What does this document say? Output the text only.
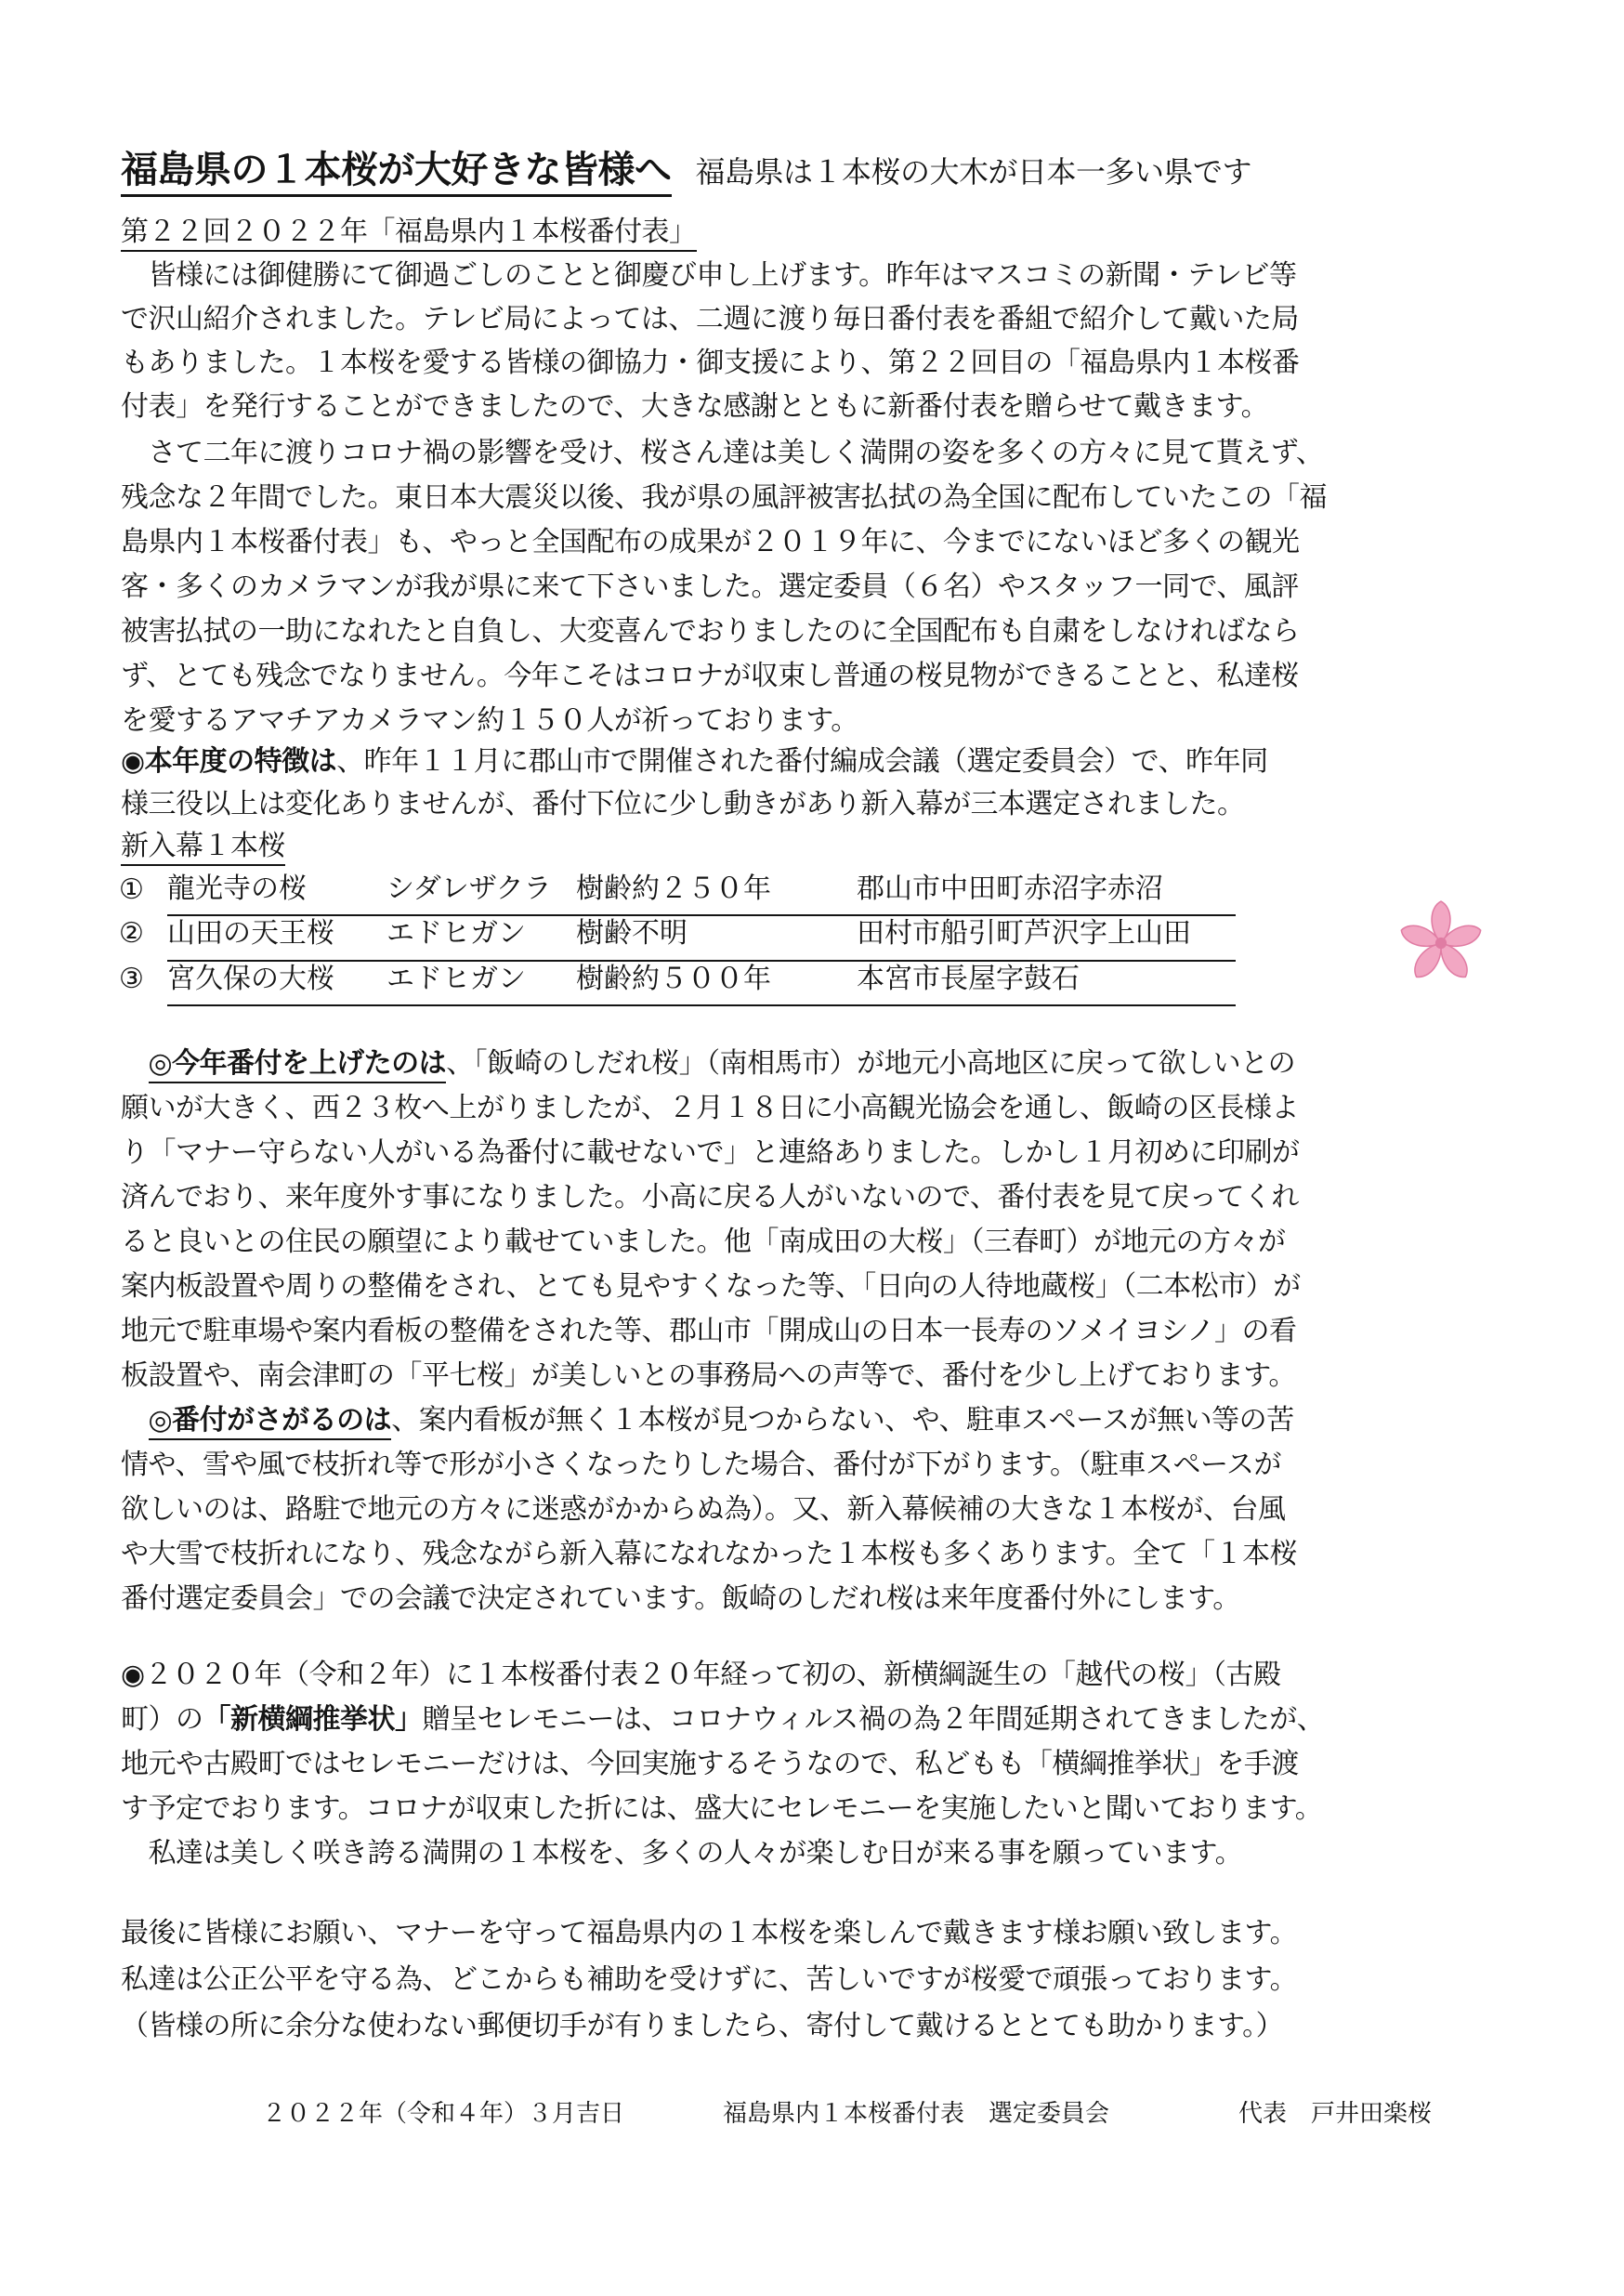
福島県の１本桜が大好きな皆様へ 福島県は１本桜の大木が日本一多い県です
第２２回２０２２年「福島県内１本桜番付表」
　皆様には御健勝にて御過ごしのことと御慶び申し上げます。昨年はマスコミの新聞・テレビ等
で沢山紹介されました。テレビ局によっては、二週に渡り毎日番付表を番組で紹介して戴いた局
もありました。１本桜を愛する皆様の御協力・御支援により、第２２回目の「福島県内１本桜番
付表」を発行することができましたので、大きな感謝とともに新番付表を贈らせて戴きます。
　さて二年に渡りコロナ禍の影響を受け、桜さん達は美しく満開の姿を多くの方々に見て貰えず、
残念な２年間でした。東日本大震災以後、我が県の風評被害払拭の為全国に配布していたこの「福
島県内１本桜番付表」も、やっと全国配布の成果が２０１９年に、今までにないほど多くの観光
客・多くのカメラマンが我が県に来て下さいました。選定委員（６名）やスタッフ一同で、風評
被害払拭の一助になれたと自負し、大変喜んでおりましたのに全国配布も自粛をしなければなら
ず、とても残念でなりません。今年こそはコロナが収束し普通の桜見物ができることと、私達桜
を愛するアマチアカメラマン約１５０人が祈っております。
◉本年度の特徴は、昨年１１月に郡山市で開催された番付編成会議（選定委員会）で、昨年同
様三役以上は変化ありませんが、番付下位に少し動きがあり新入幕が三本選定されました。
新入幕１本桜
①	龍光寺の桜	シダレザクラ	樹齢約２５０年	郡山市中田町赤沼字赤沼
②	山田の天王桜	エドヒガン	樹齢不明	田村市船引町芦沢字上山田
③	宮久保の大桜	エドヒガン	樹齢約５００年	本宮市長屋字鼓石
　◎今年番付を上げたのは、「飯崎のしだれ桜」（南相馬市）が地元小高地区に戻って欲しいとの
願いが大きく、西２３枚へ上がりましたが、２月１８日に小高観光協会を通し、飯崎の区長様よ
り「マナー守らない人がいる為番付に載せないで」と連絡ありました。しかし１月初めに印刷が
済んでおり、来年度外す事になりました。小高に戻る人がいないので、番付表を見て戻ってくれ
ると良いとの住民の願望により載せていました。他「南成田の大桜」（三春町）が地元の方々が
案内板設置や周りの整備をされ、とても見やすくなった等、「日向の人待地蔵桜」（二本松市）が
地元で駐車場や案内看板の整備をされた等、郡山市「開成山の日本一長寿のソメイヨシノ」の看
板設置や、南会津町の「平七桜」が美しいとの事務局への声等で、番付を少し上げております。
　◎番付がさがるのは、案内看板が無く１本桜が見つからない、や、駐車スペースが無い等の苦
情や、雪や風で枝折れ等で形が小さくなったりした場合、番付が下がります。（駐車スペースが
欲しいのは、路駐で地元の方々に迷惑がかからぬ為）。又、新入幕候補の大きな１本桜が、台風
や大雪で枝折れになり、残念ながら新入幕になれなかった１本桜も多くあります。全て「１本桜
番付選定委員会」での会議で決定されています。飯崎のしだれ桜は来年度番付外にします。
◉２０２０年（令和２年）に１本桜番付表２０年経って初の、新横綱誕生の「越代の桜」（古殿
町）の「新横綱推挙状」贈呈セレモニーは、コロナウィルス禍の為２年間延期されてきましたが、
地元や古殿町ではセレモニーだけは、今回実施するそうなので、私どもも「横綱推挙状」を手渡
す予定でおります。コロナが収束した折には、盛大にセレモニーを実施したいと聞いております。
　私達は美しく咲き誇る満開の１本桜を、多くの人々が楽しむ日が来る事を願っています。
最後に皆様にお願い、マナーを守って福島県内の１本桜を楽しんで戴きます様お願い致します。
私達は公正公平を守る為、どこからも補助を受けずに、苦しいですが桜愛で頑張っております。
（皆様の所に余分な使わない郵便切手が有りましたら、寄付して戴けるととても助かります。）
２０２２年（令和４年）３月吉日	福島県内１本桜番付表　選定委員会	代表　戸井田楽桜
